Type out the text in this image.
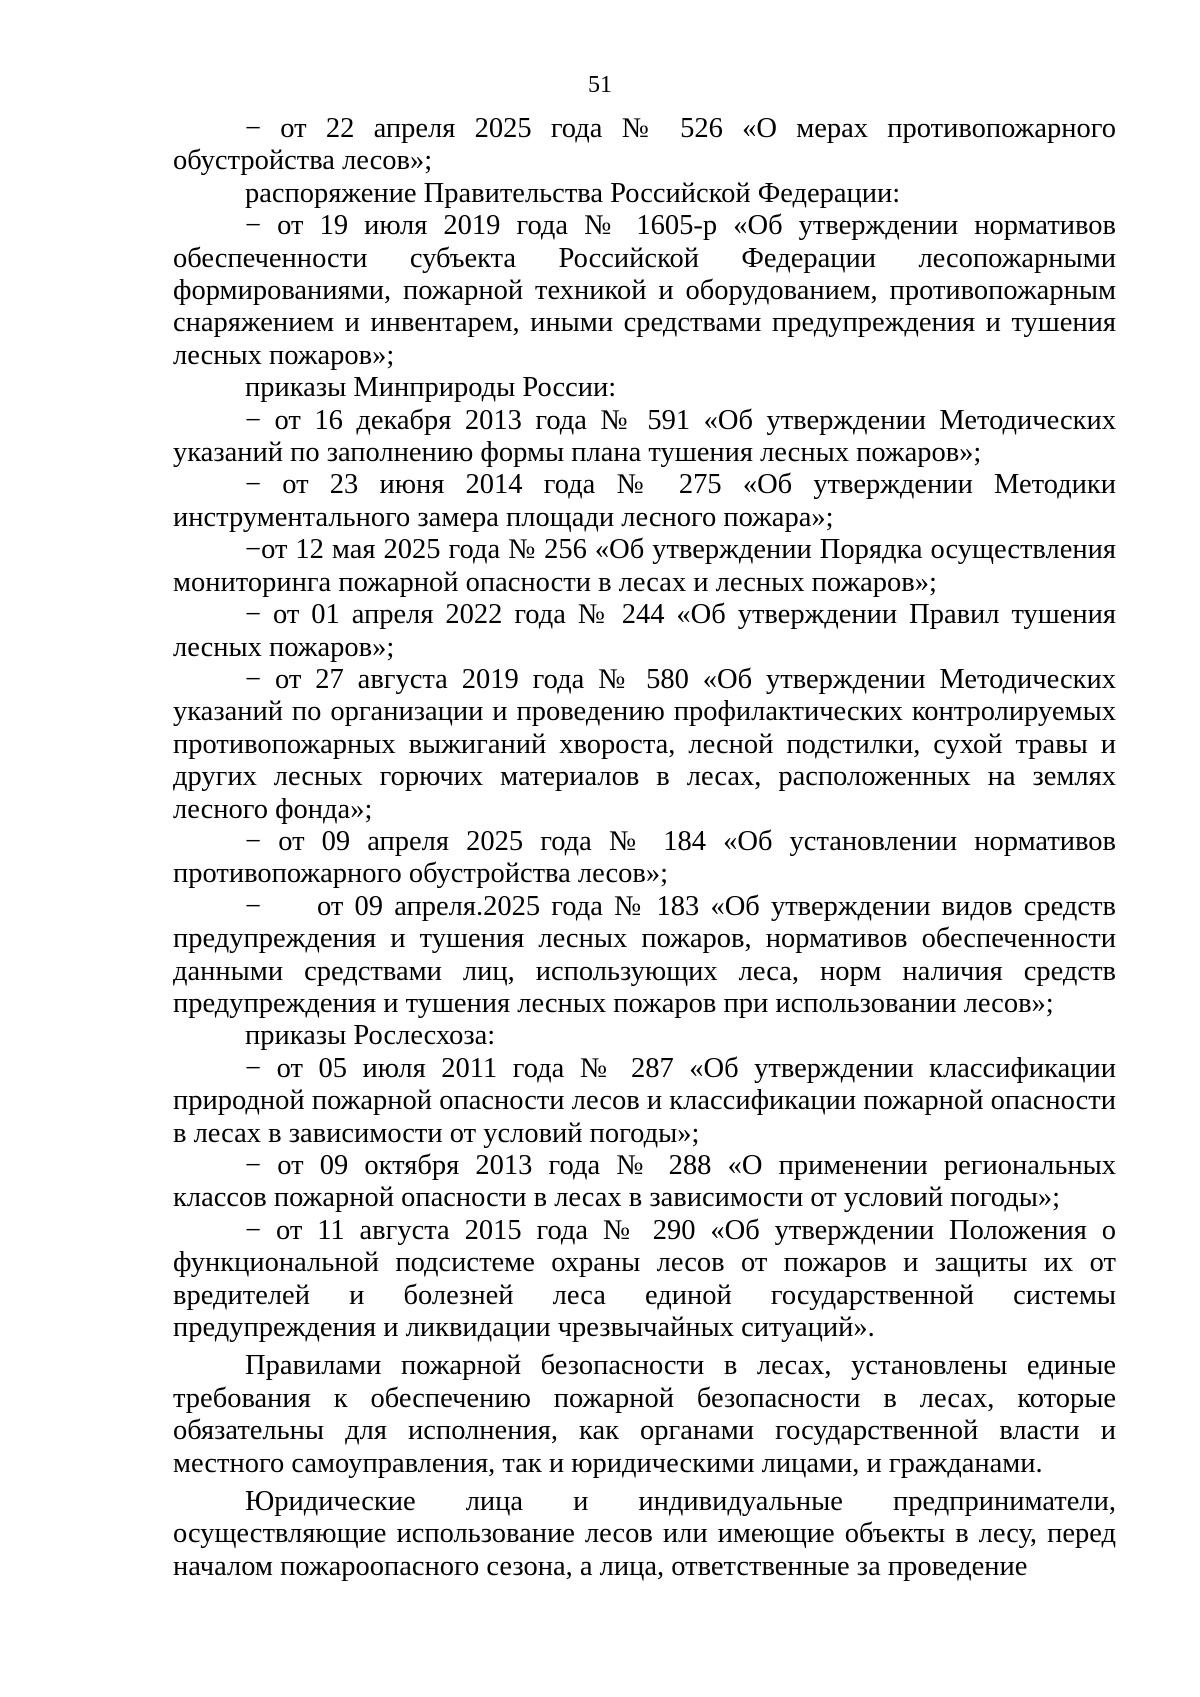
51

− от 22 апреля 2025 года № 526 «О мерах противопожарного обустройства лесов»;

распоряжение Правительства Российской Федерации:

− от 19 июля 2019 года № 1605-р «Об утверждении нормативов обеспеченности субъекта Российской Федерации лесопожарными формированиями, пожарной техникой и оборудованием, противопожарным снаряжением и инвентарем, иными средствами предупреждения и тушения лесных пожаров»;

приказы Минприроды России:

− от 16 декабря 2013 года № 591 «Об утверждении Методических указаний по заполнению формы плана тушения лесных пожаров»;

− от 23 июня 2014 года № 275 «Об утверждении Методики инструментального замера площади лесного пожара»;

−от 12 мая 2025 года № 256 «Об утверждении Порядка осуществления мониторинга пожарной опасности в лесах и лесных пожаров»;

− от 01 апреля 2022 года № 244 «Об утверждении Правил тушения лесных пожаров»;

− от 27 августа 2019 года № 580 «Об утверждении Методических указаний по организации и проведению профилактических контролируемых противопожарных выжиганий хвороста, лесной подстилки, сухой травы и других лесных горючих материалов в лесах, расположенных на землях лесного фонда»;

− от 09 апреля 2025 года № 184 «Об установлении нормативов противопожарного обустройства лесов»;

−     от 09 апреля.2025 года № 183 «Об утверждении видов средств предупреждения и тушения лесных пожаров, нормативов обеспеченности данными средствами лиц, использующих леса, норм наличия средств предупреждения и тушения лесных пожаров при использовании лесов»;

приказы Рослесхоза:

− от 05 июля 2011 года № 287 «Об утверждении классификации природной пожарной опасности лесов и классификации пожарной опасности в лесах в зависимости от условий погоды»;

− от 09 октября 2013 года № 288 «О применении региональных классов пожарной опасности в лесах в зависимости от условий погоды»;

− от 11 августа 2015 года № 290 «Об утверждении Положения о функциональной подсистеме охраны лесов от пожаров и защиты их от вредителей и болезней леса единой государственной системы предупреждения и ликвидации чрезвычайных ситуаций».

Правилами пожарной безопасности в лесах, установлены единые требования к обеспечению пожарной безопасности в лесах, которые обязательны для исполнения, как органами государственной власти и местного самоуправления, так и юридическими лицами, и гражданами.

Юридические лица и индивидуальные предприниматели, осуществляющие использование лесов или имеющие объекты в лесу, перед началом пожароопасного сезона, а лица, ответственные за проведение
